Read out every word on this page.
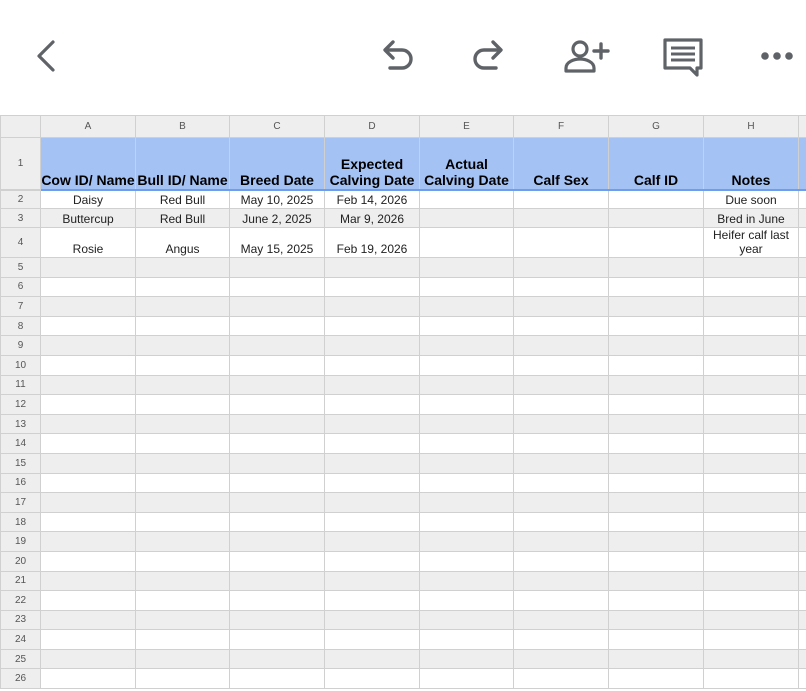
	A	B	C	D	E	F	G	H	
1	Cow ID/ Name	Bull ID/ Name	Breed Date	Expected Calving Date	Actual Calving Date	Calf Sex	Calf ID	Notes	
2	Daisy	Red Bull	May 10, 2025	Feb 14, 2026				Due soon	
3	Buttercup	Red Bull	June 2, 2025	Mar 9, 2026				Bred in June	
4	Rosie	Angus	May 15, 2025	Feb 19, 2026				Heifer calf last year	
5									
6									
7									
8									
9									
10									
11									
12									
13									
14									
15									
16									
17									
18									
19									
20									
21									
22									
23									
24									
25									
26									
